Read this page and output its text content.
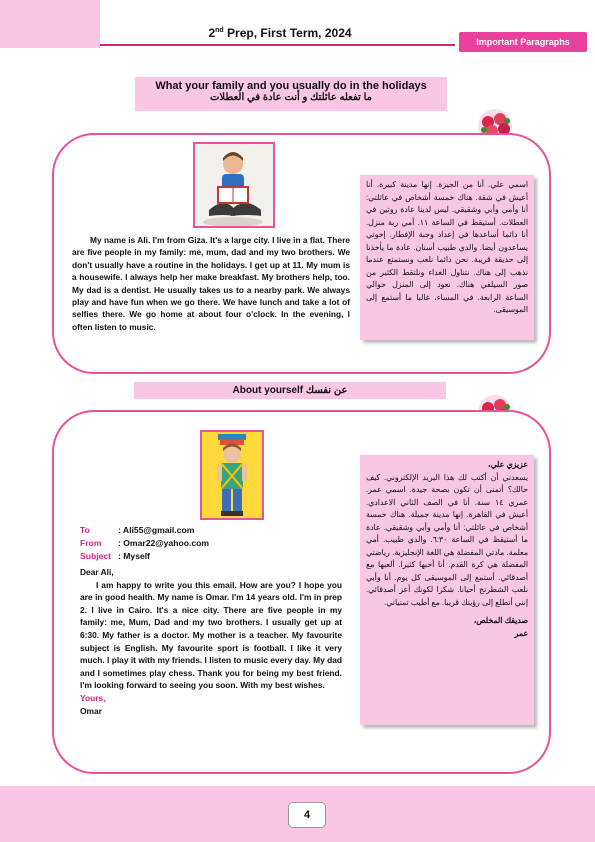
2nd Prep, First Term, 2024
Important Paragraphs
What your family and you usually do in the holidays
ما تفعله عائلتك و أنت عادة في العطلات
My name is Ali. I'm from Giza. It's a large city. I live in a flat. There are five people in my family: me, mum, dad and my two brothers. We don't usually have a routine in the holidays. I get up at 11. My mum is a housewife. I always help her make breakfast. My brothers help, too. My dad is a dentist. He usually takes us to a nearby park. We always play and have fun when we go there. We have lunch and take a lot of selfies there. We go home at about four o'clock. In the evening, I often listen to music.
اسمي علي. أنا من الجيزة. إنها مدينة كبيرة. أنا أعيش في شقة. هناك خمسة أشخاص في عائلتي: أنا وأمي وأبي وشقيقي. ليس لدينا عادة روتين في العطلات. أستيقظ في الساعة ١١. أمي ربة منزل. أنا دائما أساعدها في إعداد وجبة الإفطار. إخوتي يساعدون أيضا. والدي طبيب أسنان. عادة ما يأخذنا إلى حديقة قريبة. نحن دائما نلعب ونستمتع عندما نذهب إلى هناك. نتناول الغداء ونلتقط الكثير من صور السيلفي هناك. نعود إلى المنزل حوالي الساعة الرابعة. في المساء، غالبا ما أستمع إلى الموسيقى.
About yourself عن نفسك
To	: Ali55@gmail.com
From : Omar22@yahoo.com
Subject : Myself
Dear Ali,
I am happy to write you this email. How are you? I hope you are in good health. My name is Omar. I'm 14 years old. I'm in prep 2. I live in Cairo. It's a nice city. There are five people in my family: me, Mum, Dad and my two brothers. I usually get up at 6:30. My father is a doctor. My mother is a teacher. My favourite subject is English. My favourite sport is football. I like it very much. I play it with my friends. I listen to music every day. My dad and I sometimes play chess. Thank you for being my best friend. I'm looking forward to seeing you soon. With my best wishes.
Yours,
Omar
عزيزي علي،
يسعدني أن أكتب لك هذا البريد الإلكتروني. كيف حالك؟ أتمنى أن تكون بصحة جيدة. اسمي عمر. عمري ١٤ سنة. أنا في الصف الثاني الاعدادي. أعيش في القاهرة. إنها مدينة جميلة. هناك خمسة أشخاص في عائلتي: أنا وأمي وأبي وشقيقي. عادة ما أستيقظ في الساعة ٦:٣٠. والدي طبيب. أمي معلمة. مادتي المفضلة هي اللغة الإنجليزية. رياضتي المفضلة هي كرة القدم. أنا أحبها كثيرا. ألعبها مع أصدقائي. أستمع إلى الموسيقى كل يوم. أنا وأبي نلعب الشطرنج أحيانا. شكرا لكونك أعز أصدقائي. إنني أتطلع إلى رؤيتك قريبا. مع أطيب تمنياتي.
صديقك المخلص،
عمر
4
